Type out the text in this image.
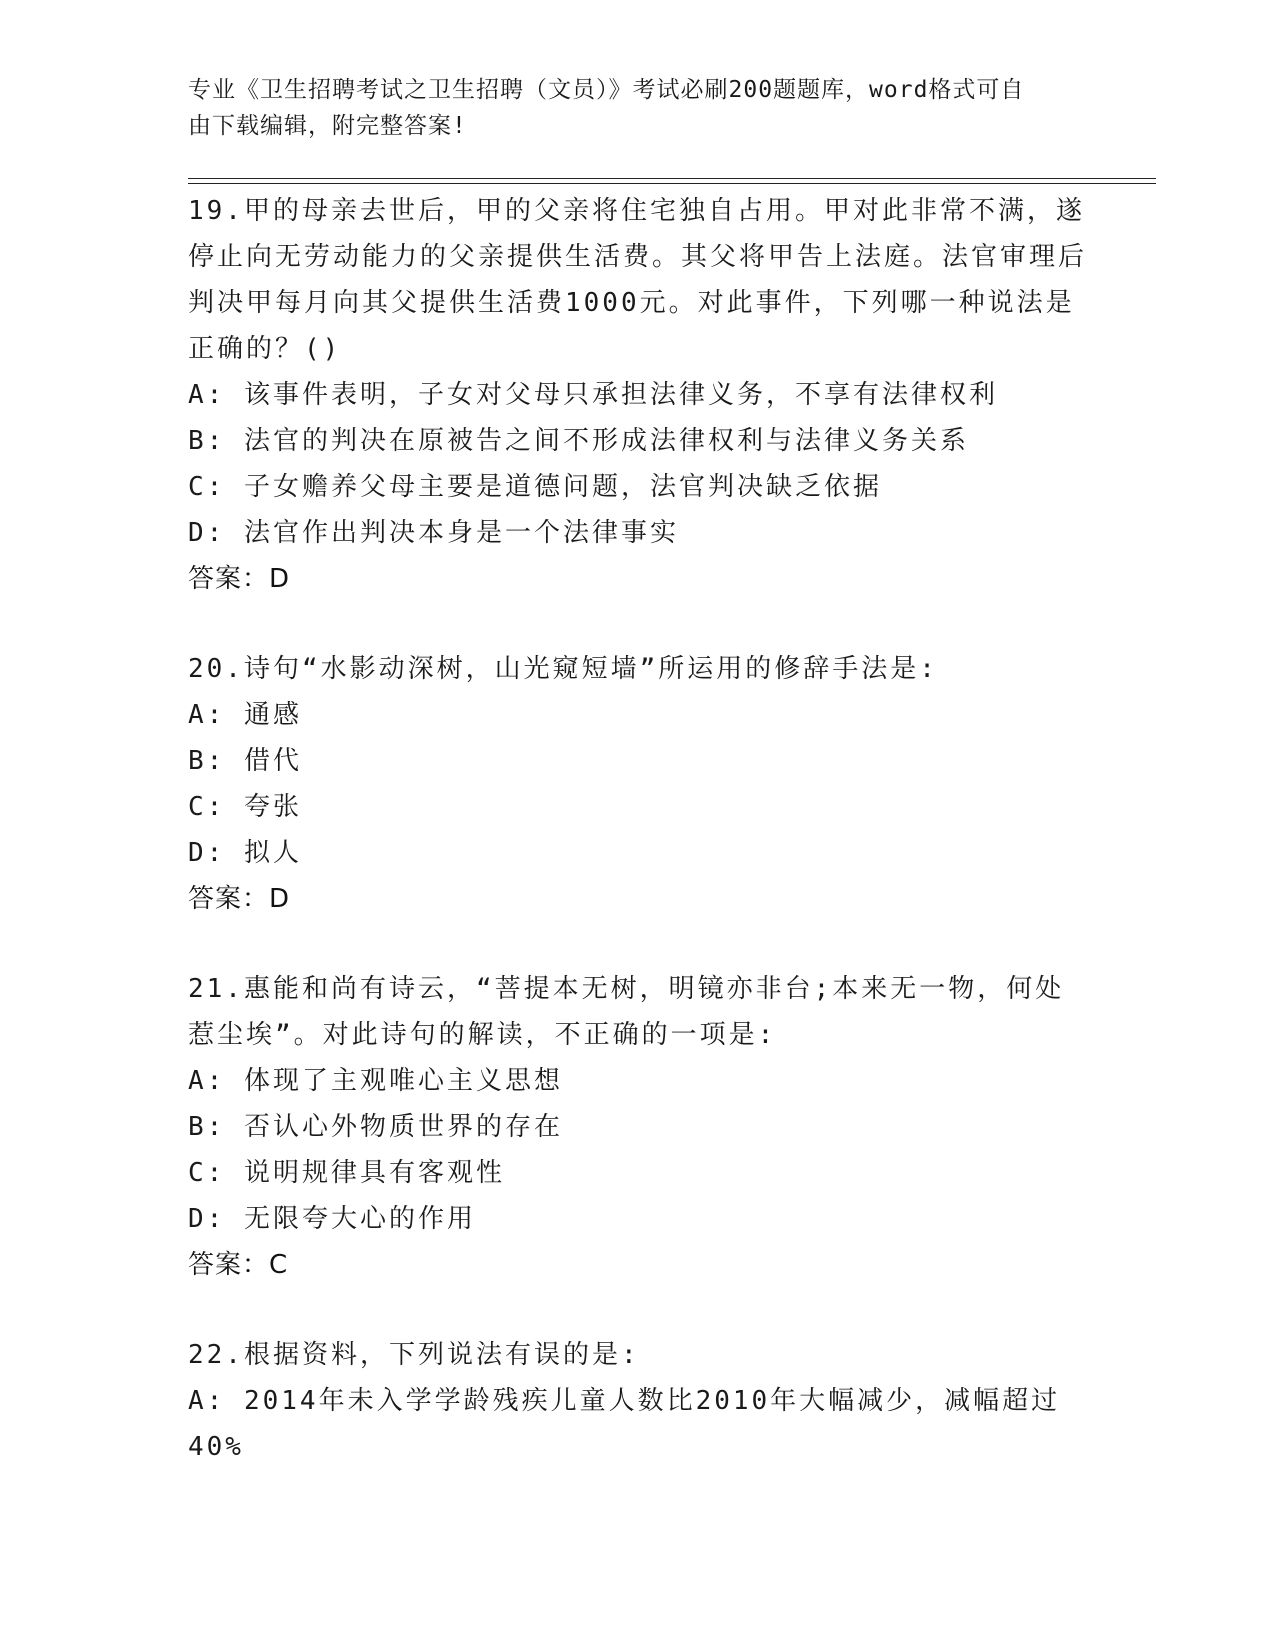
专业《卫生招聘考试之卫生招聘（文员）》考试必刷200题题库，word格式可自
由下载编辑，附完整答案!

19.甲的母亲去世后，甲的父亲将住宅独自占用。甲对此非常不满，遂停止向无劳动能力的父亲提供生活费。其父将甲告上法庭。法官审理后判决甲每月向其父提供生活费1000元。对此事件，下列哪一种说法是正确的？()

A: 该事件表明，子女对父母只承担法律义务，不享有法律权利

B: 法官的判决在原被告之间不形成法律权利与法律义务关系

C: 子女赡养父母主要是道德问题，法官判决缺乏依据

D: 法官作出判决本身是一个法律事实

答案：D

20.诗句“水影动深树，山光窥短墙”所运用的修辞手法是:

A: 通感

B: 借代

C: 夸张

D: 拟人

答案：D

21.惠能和尚有诗云，“菩提本无树，明镜亦非台;本来无一物，何处惹尘埃”。对此诗句的解读，不正确的一项是:

A: 体现了主观唯心主义思想

B: 否认心外物质世界的存在

C: 说明规律具有客观性

D: 无限夸大心的作用

答案：C

22.根据资料，下列说法有误的是:

A: 2014年未入学学龄残疾儿童人数比2010年大幅减少，减幅超过40%
